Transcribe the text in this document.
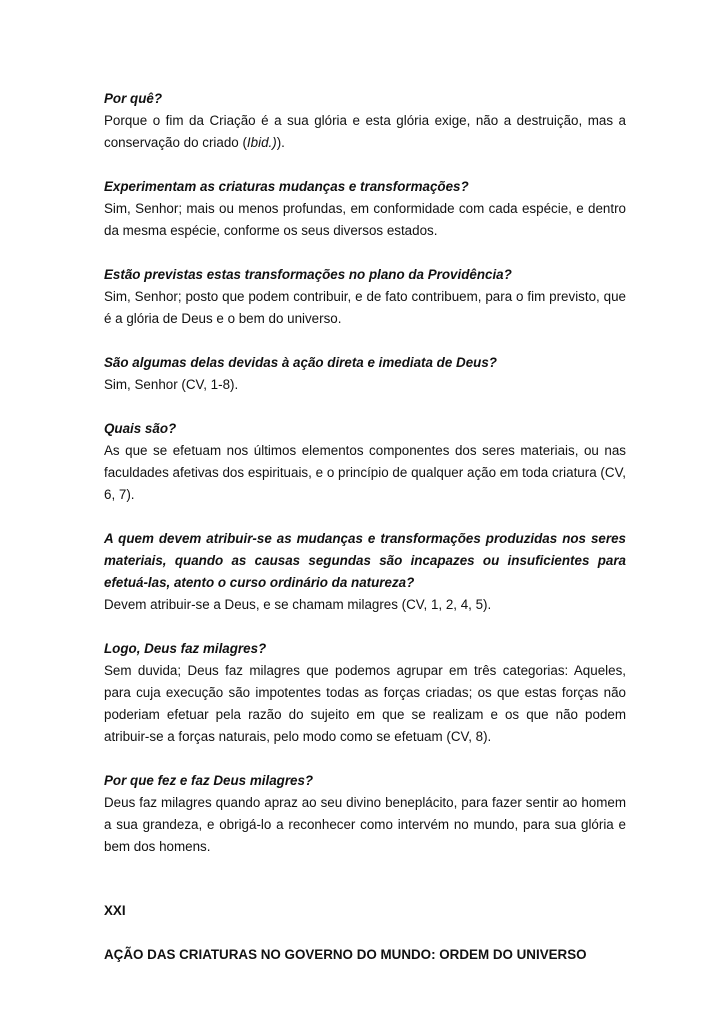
Por quê?

Porque o fim da Criação é a sua glória e esta glória exige, não a destruição, mas a conservação do criado (Ibid.)).

Experimentam as criaturas mudanças e transformações?

Sim, Senhor; mais ou menos profundas, em conformidade com cada espécie, e dentro da mesma espécie, conforme os seus diversos estados.

Estão previstas estas transformações no plano da Providência?

Sim, Senhor; posto que podem contribuir, e de fato contribuem, para o fim previsto, que é a glória de Deus e o bem do universo.

São algumas delas devidas à ação direta e imediata de Deus?

Sim, Senhor (CV, 1-8).

Quais são?

As que se efetuam nos últimos elementos componentes dos seres materiais, ou nas faculdades afetivas dos espirituais, e o princípio de qualquer ação em toda criatura (CV, 6, 7).

A quem devem atribuir-se as mudanças e transformações produzidas nos seres materiais, quando as causas segundas são incapazes ou insuficientes para efetuá-las, atento o curso ordinário da natureza?

Devem atribuir-se a Deus, e se chamam milagres (CV, 1, 2, 4, 5).

Logo, Deus faz milagres?

Sem duvida; Deus faz milagres que podemos agrupar em três categorias: Aqueles, para cuja execução são impotentes todas as forças criadas; os que estas forças não poderiam efetuar pela razão do sujeito em que se realizam e os que não podem atribuir-se a forças naturais, pelo modo como se efetuam (CV, 8).

Por que fez e faz Deus milagres?

Deus faz milagres quando apraz ao seu divino beneplácito, para fazer sentir ao homem a sua grandeza, e obrigá-lo a reconhecer como intervém no mundo, para sua glória e bem dos homens.

XXI

AÇÃO DAS CRIATURAS NO GOVERNO DO MUNDO: ORDEM DO UNIVERSO
